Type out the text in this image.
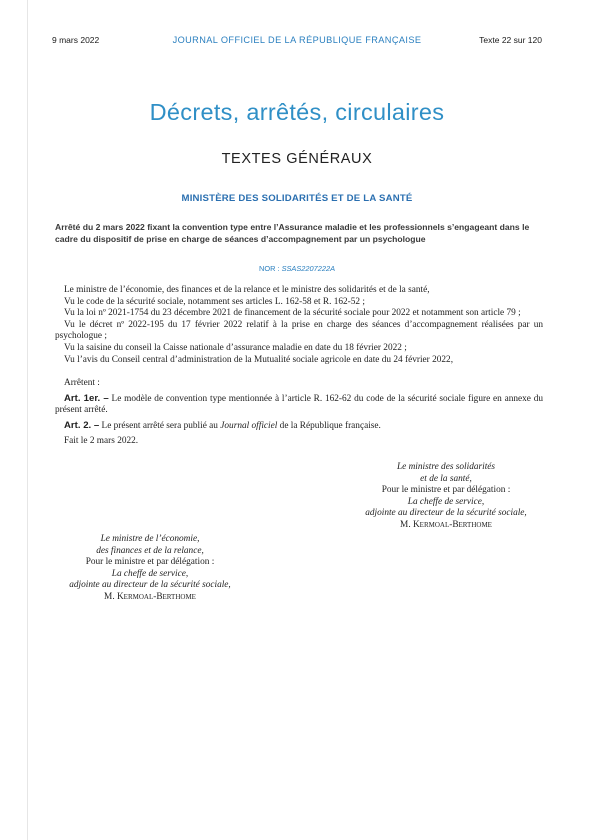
9 mars 2022	JOURNAL OFFICIEL DE LA RÉPUBLIQUE FRANÇAISE	Texte 22 sur 120
Décrets, arrêtés, circulaires
TEXTES GÉNÉRAUX
MINISTÈRE DES SOLIDARITÉS ET DE LA SANTÉ
Arrêté du 2 mars 2022 fixant la convention type entre l’Assurance maladie et les professionnels s’engageant dans le cadre du dispositif de prise en charge de séances d’accompagnement par un psychologue
NOR : SSAS2207222A

Le ministre de l’économie, des finances et de la relance et le ministre des solidarités et de la santé,

Vu le code de la sécurité sociale, notamment ses articles L. 162-58 et R. 162-52 ;

Vu la loi nº 2021-1754 du 23 décembre 2021 de financement de la sécurité sociale pour 2022 et notamment son article 79 ;

Vu le décret nº 2022-195 du 17 février 2022 relatif à la prise en charge des séances d’accompagnement réalisées par un psychologue ;

Vu la saisine du conseil la Caisse nationale d’assurance maladie en date du 18 février 2022 ;

Vu l’avis du Conseil central d’administration de la Mutualité sociale agricole en date du 24 février 2022,

Arrêtent :

Art. 1er. – Le modèle de convention type mentionnée à l’article R. 162-62 du code de la sécurité sociale figure en annexe du présent arrêté.

Art. 2. – Le présent arrêté sera publié au Journal officiel de la République française.

Fait le 2 mars 2022.

Le ministre des solidarités
et de la santé,
Pour le ministre et par délégation :
La cheffe de service,
adjointe au directeur de la sécurité sociale,
M. Kermoal-Berthome
Le ministre de l’économie,
des finances et de la relance,
Pour le ministre et par délégation :
La cheffe de service,
adjointe au directeur de la sécurité sociale,
M. Kermoal-Berthome
